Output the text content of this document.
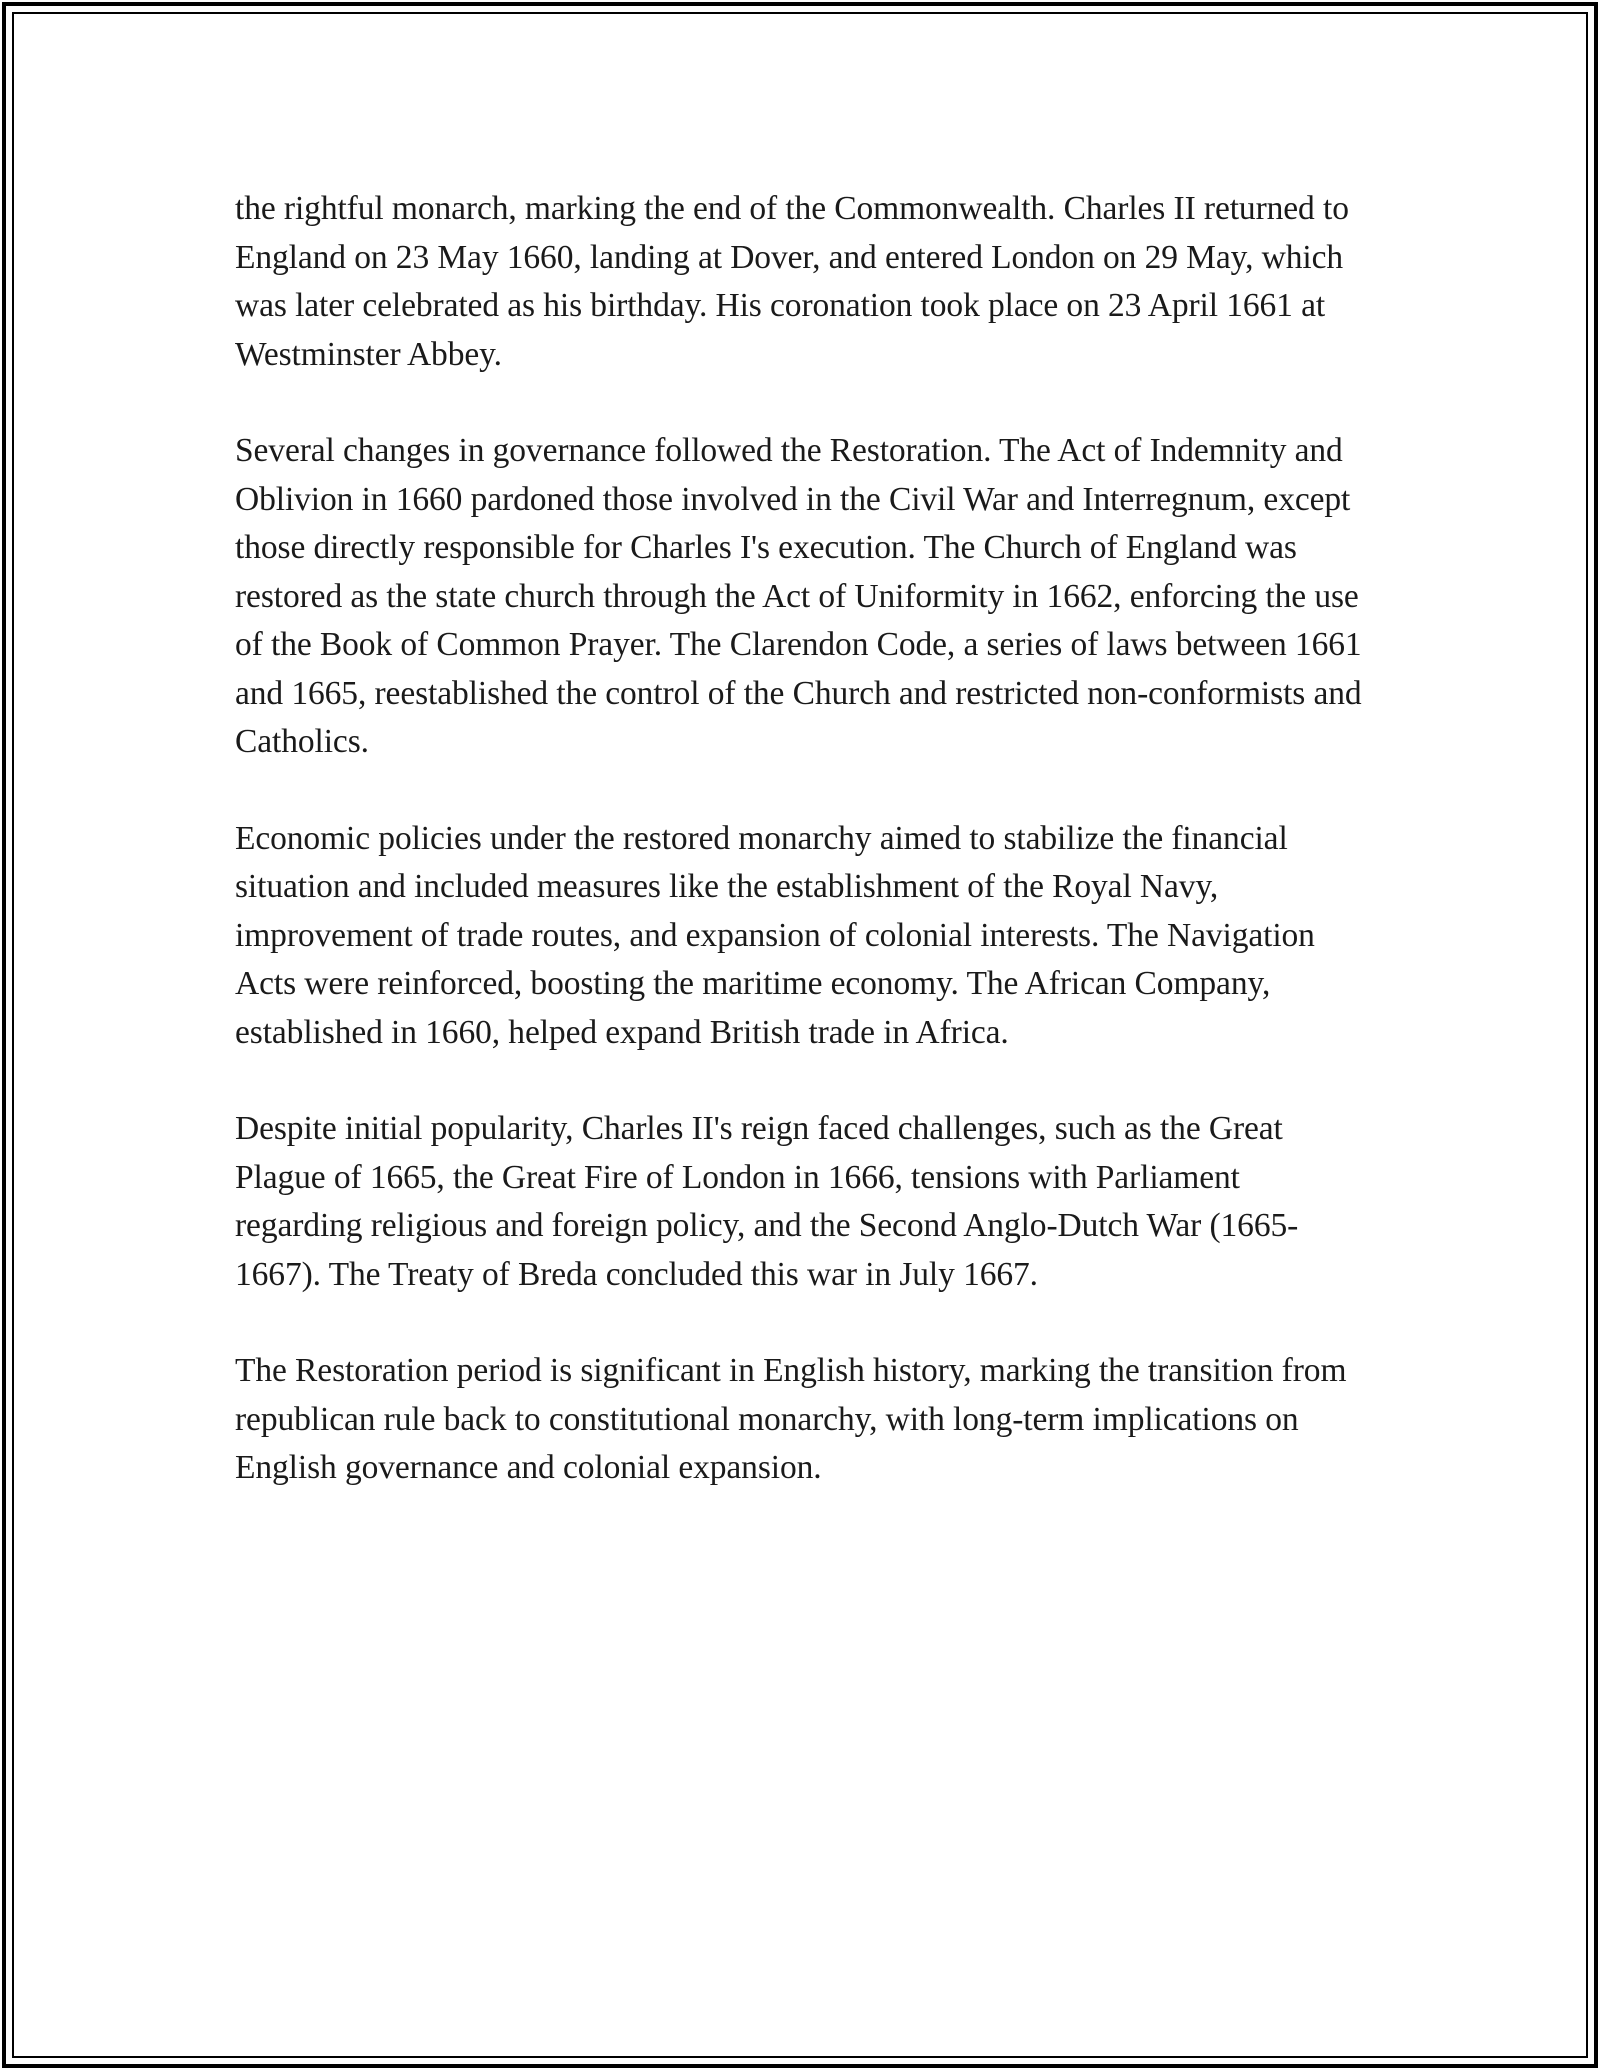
the rightful monarch, marking the end of the Commonwealth. Charles II returned to England on 23 May 1660, landing at Dover, and entered London on 29 May, which was later celebrated as his birthday. His coronation took place on 23 April 1661 at Westminster Abbey.

Several changes in governance followed the Restoration. The Act of Indemnity and Oblivion in 1660 pardoned those involved in the Civil War and Interregnum, except those directly responsible for Charles I's execution. The Church of England was restored as the state church through the Act of Uniformity in 1662, enforcing the use of the Book of Common Prayer. The Clarendon Code, a series of laws between 1661 and 1665, reestablished the control of the Church and restricted non-conformists and Catholics.

Economic policies under the restored monarchy aimed to stabilize the financial situation and included measures like the establishment of the Royal Navy, improvement of trade routes, and expansion of colonial interests. The Navigation Acts were reinforced, boosting the maritime economy. The African Company, established in 1660, helped expand British trade in Africa.

Despite initial popularity, Charles II's reign faced challenges, such as the Great Plague of 1665, the Great Fire of London in 1666, tensions with Parliament regarding religious and foreign policy, and the Second Anglo-Dutch War (1665-1667). The Treaty of Breda concluded this war in July 1667.

The Restoration period is significant in English history, marking the transition from republican rule back to constitutional monarchy, with long-term implications on English governance and colonial expansion.
